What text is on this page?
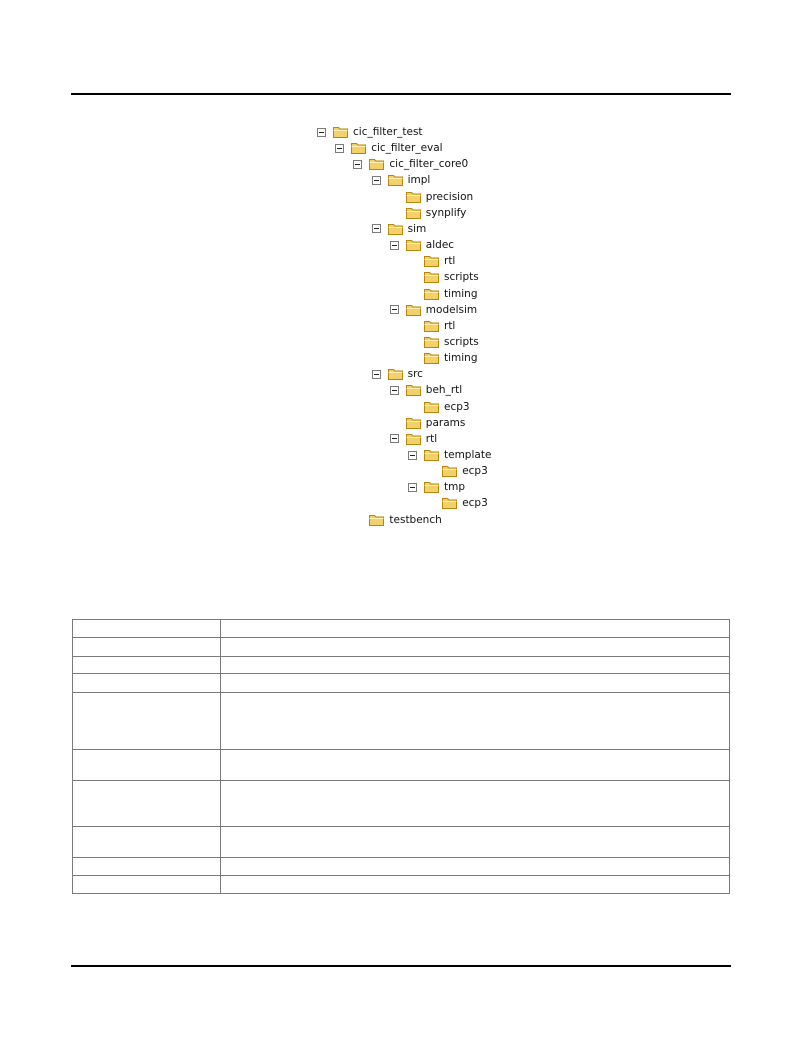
cic_filter_test
cic_filter_eval
cic_filter_core0
impl
precision
synplify
sim
aldec
rtl
scripts
timing
modelsim
rtl
scripts
timing
src
beh_rtl
ecp3
params
rtl
template
ecp3
tmp
ecp3
testbench
